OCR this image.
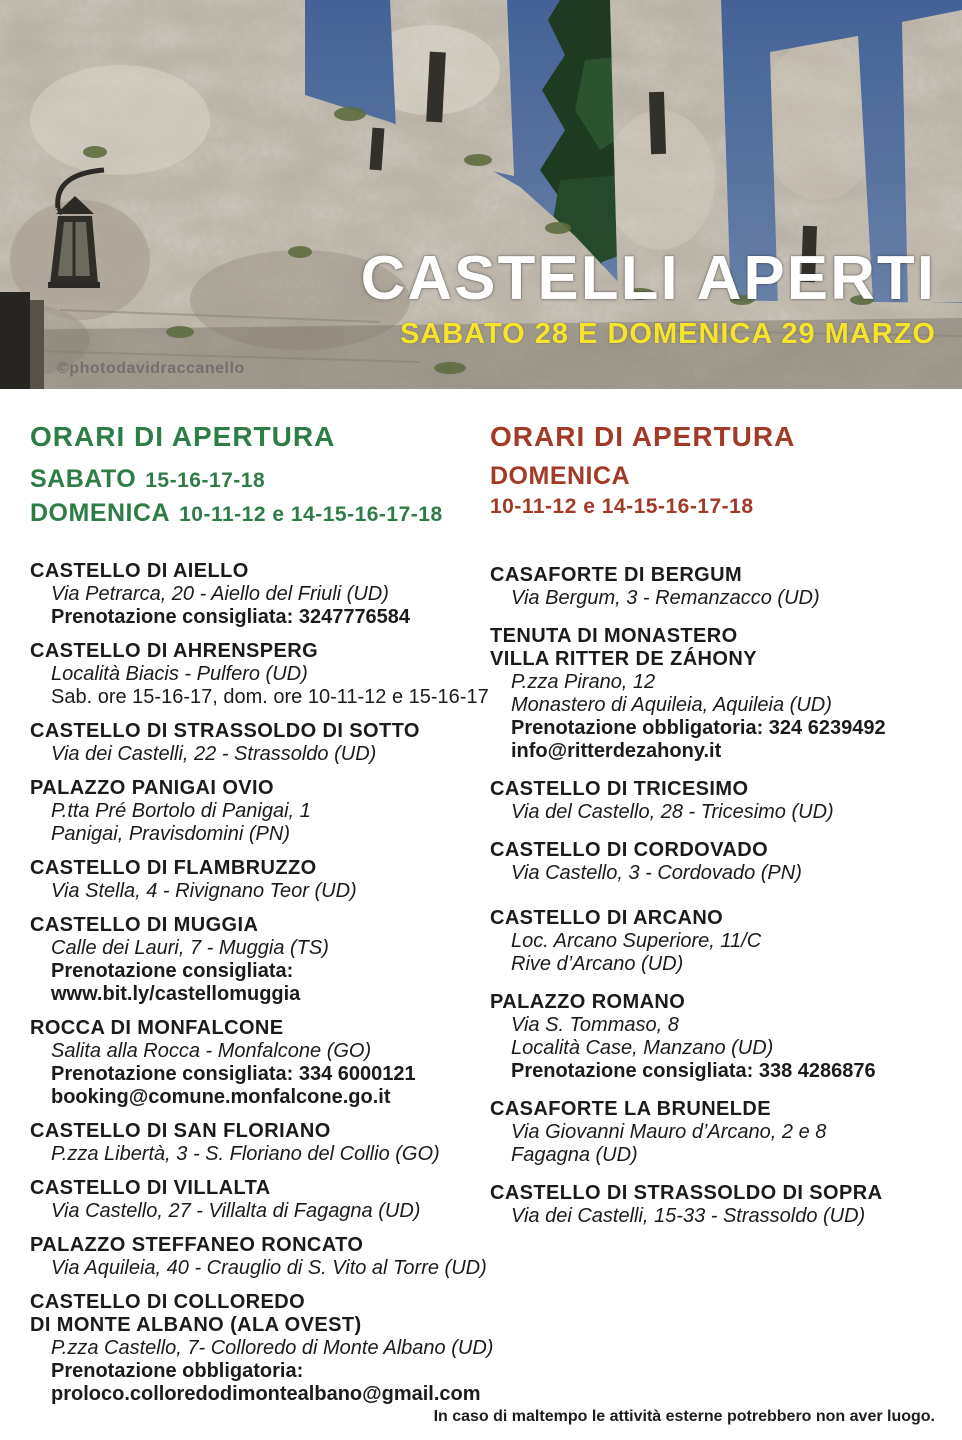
CASTELLI APERTI

SABATO 28 E DOMENICA 29 MARZO

©photodavidraccanello

ORARI DI APERTURA
SABATO 15-16-17-18
DOMENICA 10-11-12 e 14-15-16-17-18
CASTELLO DI AIELLO
Via Petrarca, 20 - Aiello del Friuli (UD)
Prenotazione consigliata: 3247776584
CASTELLO DI AHRENSPERG
Località Biacis - Pulfero (UD)
Sab. ore 15-16-17, dom. ore 10-11-12 e 15-16-17
CASTELLO DI STRASSOLDO DI SOTTO
Via dei Castelli, 22 - Strassoldo (UD)
PALAZZO PANIGAI OVIO
P.tta Pré Bortolo di Panigai, 1
Panigai, Pravisdomini (PN)
CASTELLO DI FLAMBRUZZO
Via Stella, 4 - Rivignano Teor (UD)
CASTELLO DI MUGGIA
Calle dei Lauri, 7 - Muggia (TS)
Prenotazione consigliata:
www.bit.ly/castellomuggia
ROCCA DI MONFALCONE
Salita alla Rocca - Monfalcone (GO)
Prenotazione consigliata: 334 6000121
booking@comune.monfalcone.go.it
CASTELLO DI SAN FLORIANO
P.zza Libertà, 3 - S. Floriano del Collio (GO)
CASTELLO DI VILLALTA
Via Castello, 27 - Villalta di Fagagna (UD)
PALAZZO STEFFANEO RONCATO
Via Aquileia, 40 - Crauglio di S. Vito al Torre (UD)
CASTELLO DI COLLOREDO
DI MONTE ALBANO (ALA OVEST)
P.zza Castello, 7- Colloredo di Monte Albano (UD)
Prenotazione obbligatoria:
proloco.colloredodimontealbano@gmail.com
ORARI DI APERTURA
DOMENICA
10-11-12 e 14-15-16-17-18
CASAFORTE DI BERGUM
Via Bergum, 3 - Remanzacco (UD)
TENUTA DI MONASTERO
VILLA RITTER DE ZÁHONY
P.zza Pirano, 12
Monastero di Aquileia, Aquileia (UD)
Prenotazione obbligatoria: 324 6239492
info@ritterdezahony.it
CASTELLO DI TRICESIMO
Via del Castello, 28 - Tricesimo (UD)
CASTELLO DI CORDOVADO
Via Castello, 3 - Cordovado (PN)
CASTELLO DI ARCANO
Loc. Arcano Superiore, 11/C
Rive d’Arcano (UD)
PALAZZO ROMANO
Via S. Tommaso, 8
Località Case, Manzano (UD)
Prenotazione consigliata: 338 4286876
CASAFORTE LA BRUNELDE
Via Giovanni Mauro d’Arcano, 2 e 8
Fagagna (UD)
CASTELLO DI STRASSOLDO DI SOPRA
Via dei Castelli, 15-33 - Strassoldo (UD)

In caso di maltempo le attività esterne potrebbero non aver luogo.
